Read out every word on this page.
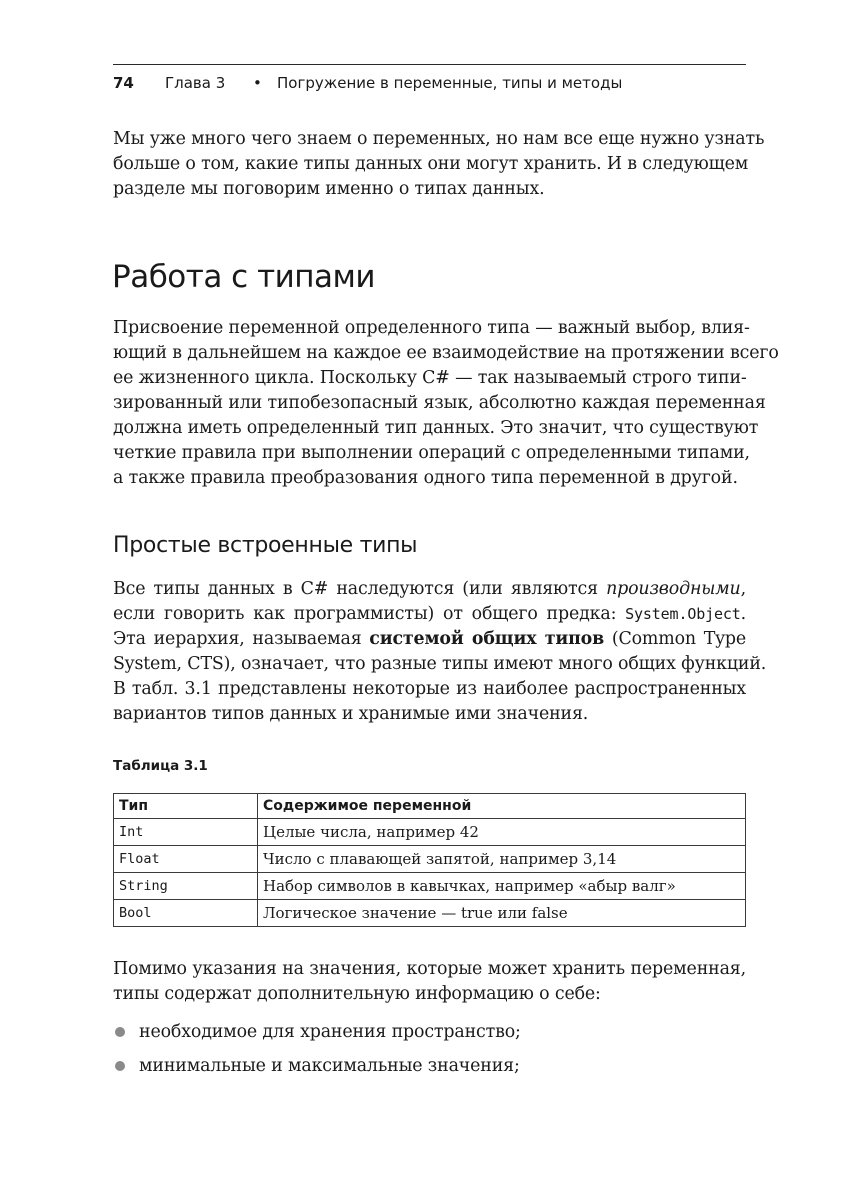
74 Глава 3 • Погружение в переменные, типы и методы

Мы уже много чего знаем о переменных, но нам все еще нужно узнать
больше о том, какие типы данных они могут хранить. И в следующем
разделе мы поговорим именно о типах данных.

Работа с типами

Присвоение переменной определенного типа — важный выбор, влия-
ющий в дальнейшем на каждое ее взаимодействие на протяжении всего
ее жизненного цикла. Поскольку C# — так называемый строго типи-
зированный или типобезопасный язык, абсолютно каждая переменная
должна иметь определенный тип данных. Это значит, что существуют
четкие правила при выполнении операций с определенными типами,
а также правила преобразования одного типа переменной в другой.

Простые встроенные типы

Все типы данных в C# наследуются (или являются производными,
если говорить как программисты) от общего предка: System.Object.
Эта иерархия, называемая системой общих типов (Common Type
System, CTS), означает, что разные типы имеют много общих функций.
В табл. 3.1 представлены некоторые из наиболее распространенных
вариантов типов данных и хранимые ими значения.

Таблица 3.1
Тип	Содержимое переменной
Int	Целые числа, например 42
Float	Число с плавающей запятой, например 3,14
String	Набор символов в кавычках, например «абыр валг»
Bool	Логическое значение — true или false

Помимо указания на значения, которые может хранить переменная,
типы содержат дополнительную информацию о себе:

необходимое для хранения пространство;
минимальные и максимальные значения;
